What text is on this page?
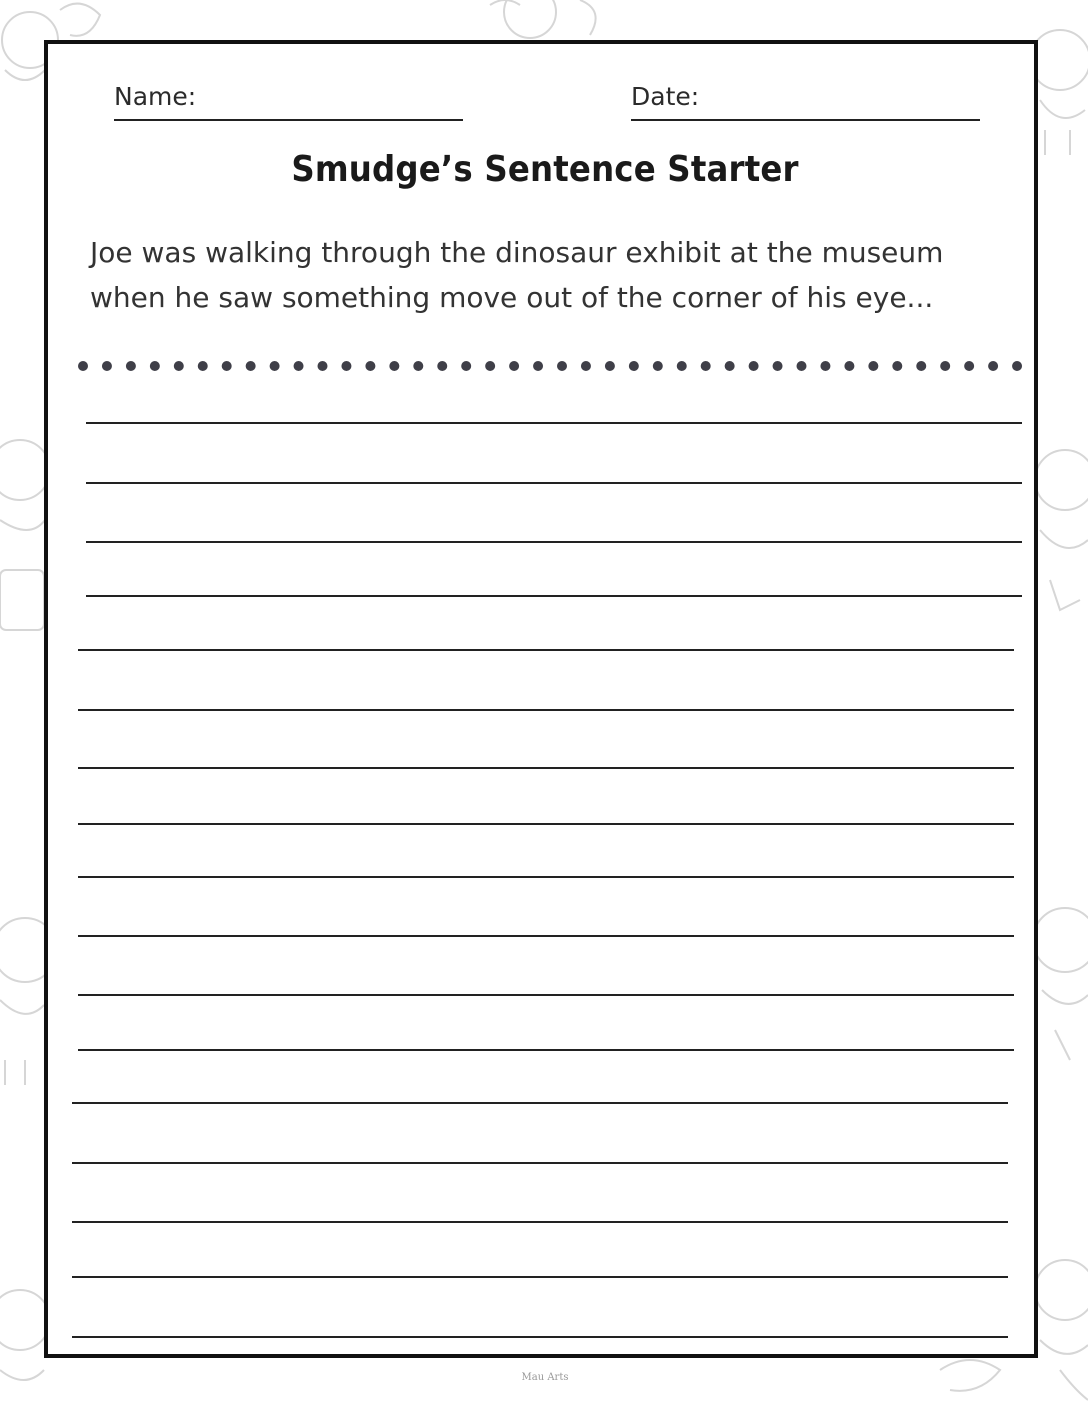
Name:	Date:
Smudge’s Sentence Starter
Joe was walking through the dinosaur exhibit at the museum
when he saw something move out of the corner of his eye...
Mau Arts
